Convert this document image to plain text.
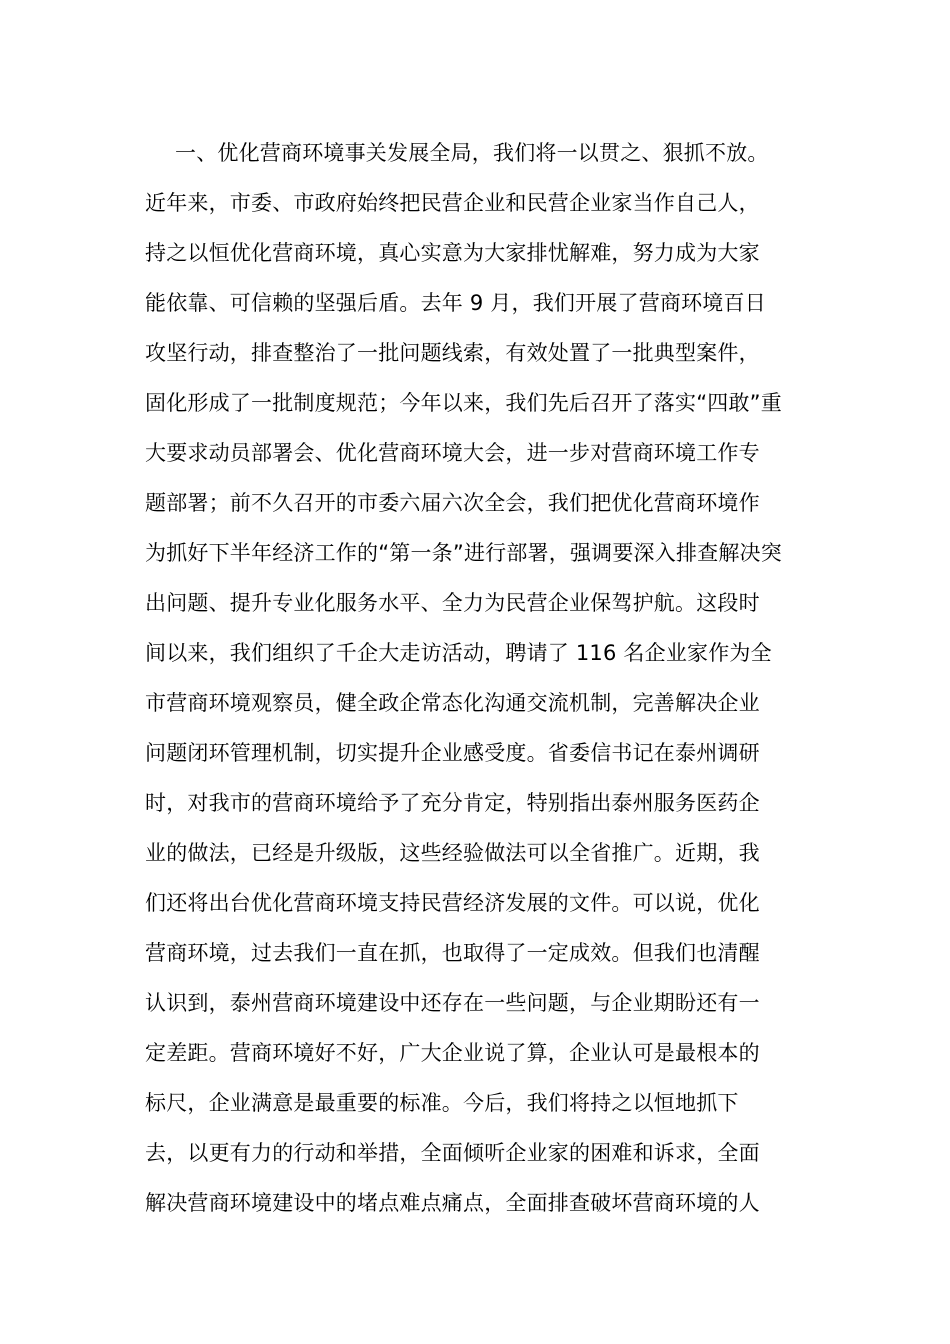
一、优化营商环境事关发展全局，我们将一以贯之、狠抓不放。
近年来，市委、市政府始终把民营企业和民营企业家当作自己人，
持之以恒优化营商环境，真心实意为大家排忧解难，努力成为大家
能依靠、可信赖的坚强后盾。去年 9 月，我们开展了营商环境百日
攻坚行动，排查整治了一批问题线索，有效处置了一批典型案件，
固化形成了一批制度规范；今年以来，我们先后召开了落实“四敢”重
大要求动员部署会、优化营商环境大会，进一步对营商环境工作专
题部署；前不久召开的市委六届六次全会，我们把优化营商环境作
为抓好下半年经济工作的“第一条”进行部署，强调要深入排查解决突
出问题、提升专业化服务水平、全力为民营企业保驾护航。这段时
间以来，我们组织了千企大走访活动，聘请了 116 名企业家作为全
市营商环境观察员，健全政企常态化沟通交流机制，完善解决企业
问题闭环管理机制，切实提升企业感受度。省委信书记在泰州调研
时，对我市的营商环境给予了充分肯定，特别指出泰州服务医药企
业的做法，已经是升级版，这些经验做法可以全省推广。近期，我
们还将出台优化营商环境支持民营经济发展的文件。可以说，优化
营商环境，过去我们一直在抓，也取得了一定成效。但我们也清醒
认识到，泰州营商环境建设中还存在一些问题，与企业期盼还有一
定差距。营商环境好不好，广大企业说了算，企业认可是最根本的
标尺，企业满意是最重要的标准。今后，我们将持之以恒地抓下
去，以更有力的行动和举措，全面倾听企业家的困难和诉求，全面
解决营商环境建设中的堵点难点痛点，全面排查破坏营商环境的人
